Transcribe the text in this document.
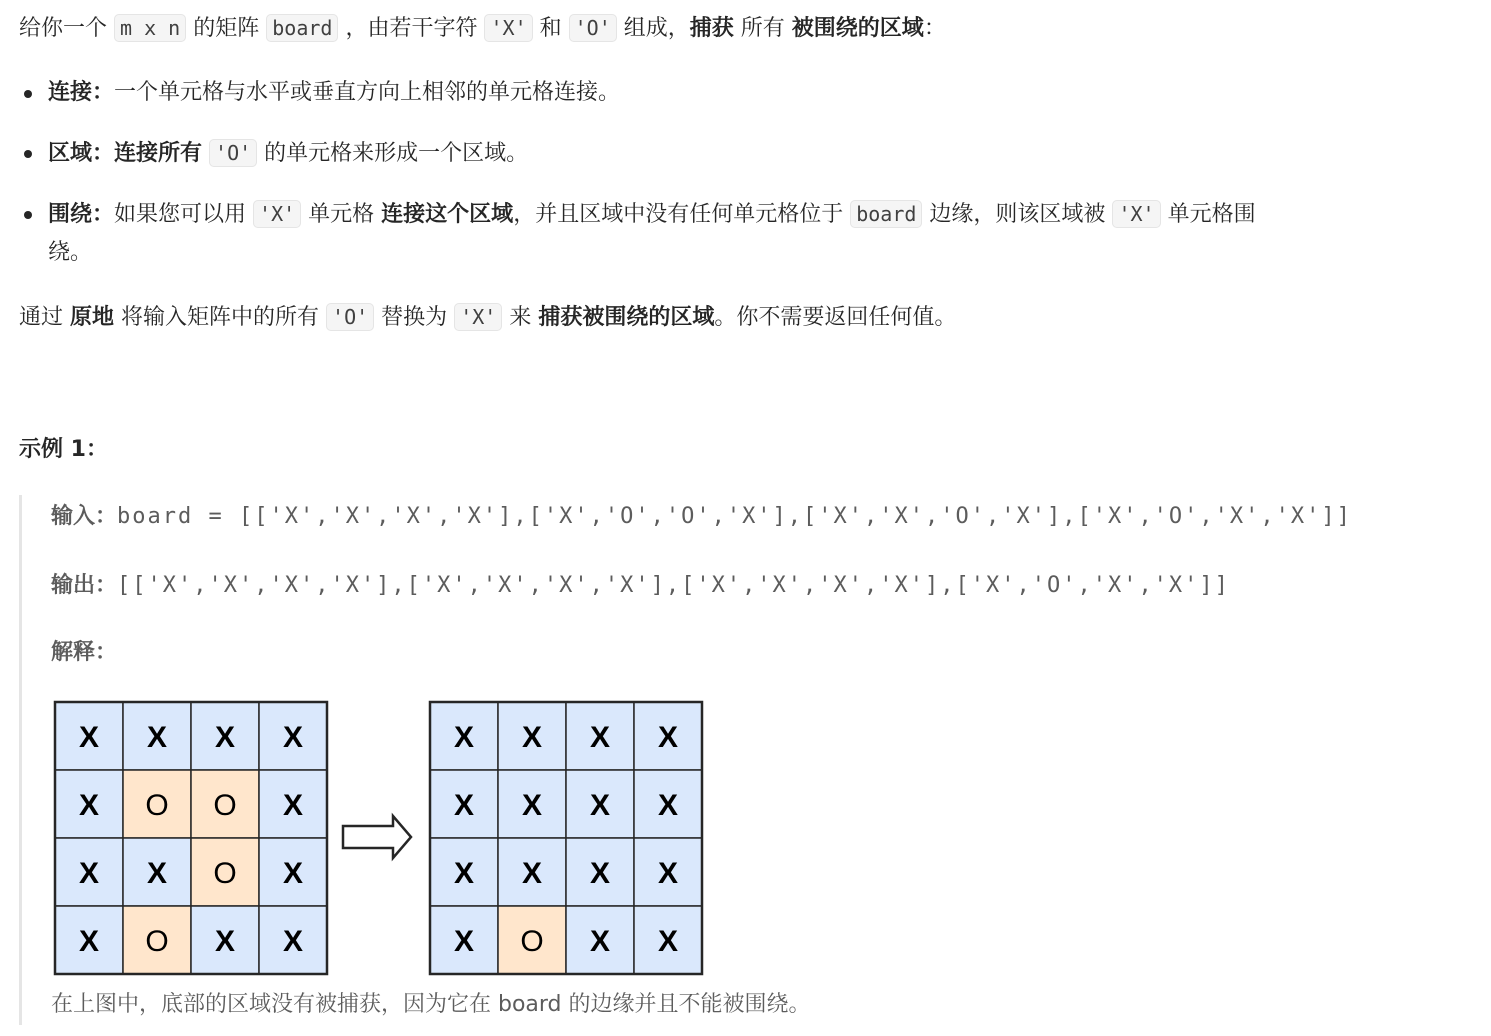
给你一个 m x n 的矩阵 board ，由若干字符 'X' 和 'O' 组成，捕获 所有 被围绕的区域：
连接：一个单元格与水平或垂直方向上相邻的单元格连接。
区域：连接所有 'O' 的单元格来形成一个区域。
围绕：如果您可以用 'X' 单元格 连接这个区域，并且区域中没有任何单元格位于 board 边缘，则该区域被 'X' 单元格围
绕。
通过 原地 将输入矩阵中的所有 'O' 替换为 'X' 来 捕获被围绕的区域。你不需要返回任何值。
示例 1：
输入：board = [['X','X','X','X'],['X','O','O','X'],['X','X','O','X'],['X','O','X','X']]
输出：[['X','X','X','X'],['X','X','X','X'],['X','X','X','X'],['X','O','X','X']]
解释：
X X X X
X O O X
X X O X
X O X X
X X X X
X X X X
X X X X
X O X X
在上图中，底部的区域没有被捕获，因为它在 board 的边缘并且不能被围绕。
